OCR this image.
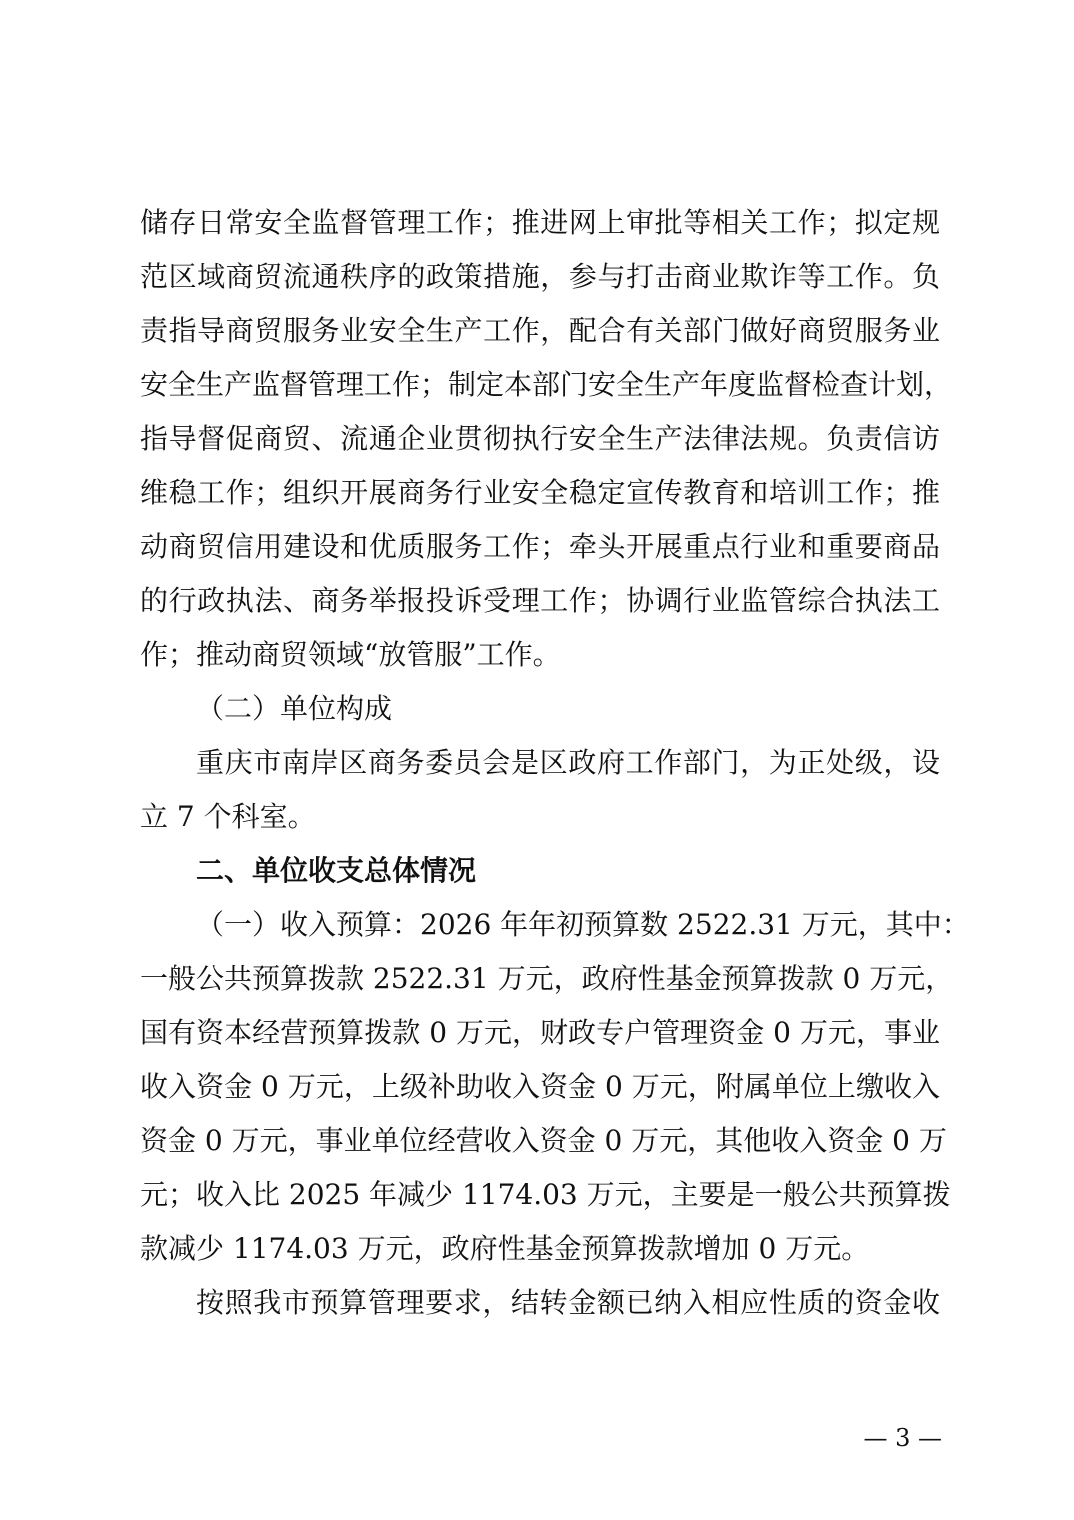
储存日常安全监督管理工作；推进网上审批等相关工作；拟定规
范区域商贸流通秩序的政策措施，参与打击商业欺诈等工作。负
责指导商贸服务业安全生产工作，配合有关部门做好商贸服务业
安全生产监督管理工作；制定本部门安全生产年度监督检查计划，
指导督促商贸、流通企业贯彻执行安全生产法律法规。负责信访
维稳工作；组织开展商务行业安全稳定宣传教育和培训工作；推
动商贸信用建设和优质服务工作；牵头开展重点行业和重要商品
的行政执法、商务举报投诉受理工作；协调行业监管综合执法工
作；推动商贸领域“放管服”工作。
（二）单位构成
重庆市南岸区商务委员会是区政府工作部门，为正处级，设
立 7 个科室。
二、单位收支总体情况
（一）收入预算：2026 年年初预算数 2522.31 万元，其中：
一般公共预算拨款 2522.31 万元，政府性基金预算拨款 0 万元，
国有资本经营预算拨款 0 万元，财政专户管理资金 0 万元，事业
收入资金 0 万元，上级补助收入资金 0 万元，附属单位上缴收入
资金 0 万元，事业单位经营收入资金 0 万元，其他收入资金 0 万
元；收入比 2025 年减少 1174.03 万元，主要是一般公共预算拨
款减少 1174.03 万元，政府性基金预算拨款增加 0 万元。
按照我市预算管理要求，结转金额已纳入相应性质的资金收
— 3 —
